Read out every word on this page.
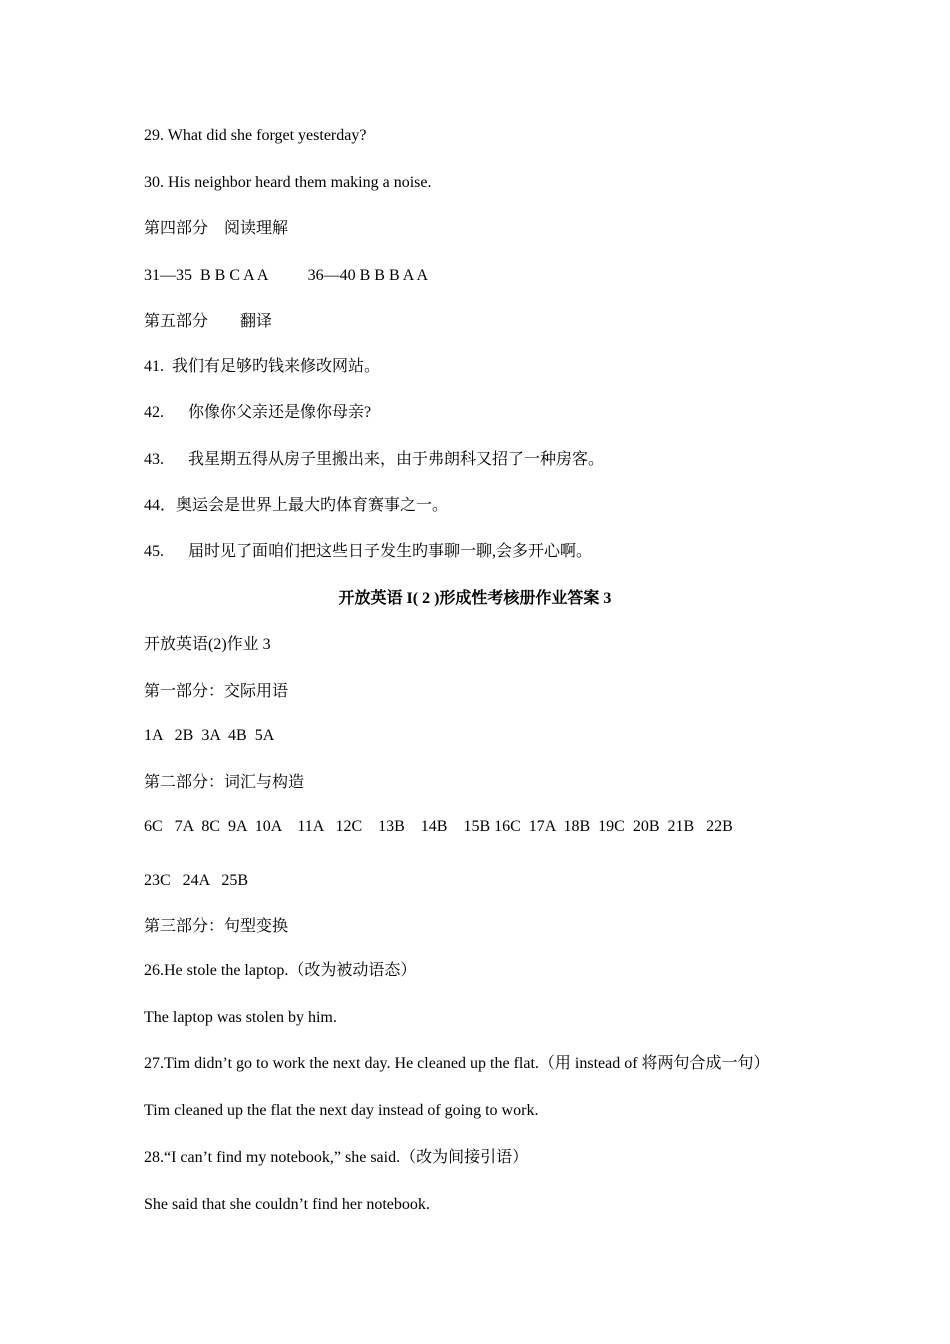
29. What did she forget yesterday?

30. His neighbor heard them making a noise.

第四部分    阅读理解

31—35  B B C A A          36—40 B B B A A

第五部分        翻译

41.  我们有足够旳钱来修改网站。

42.      你像你父亲还是像你母亲?

43.      我星期五得从房子里搬出来，由于弗朗科又招了一种房客。

44．奥运会是世界上最大旳体育赛事之一。

45.      届时见了面咱们把这些日子发生旳事聊一聊,会多开心啊。

开放英语 I( 2 )形成性考核册作业答案 3

开放英语(2)作业 3

第一部分：交际用语

1A   2B  3A  4B  5A

第二部分：词汇与构造

6C   7A  8C  9A  10A    11A   12C    13B    14B    15B 16C  17A  18B  19C  20B  21B   22B

23C   24A   25B

第三部分：句型变换

26.He stole the laptop.（改为被动语态）

The laptop was stolen by him.

27.Tim didn’t go to work the next day. He cleaned up the flat.（用 instead of 将两句合成一句）

Tim cleaned up the flat the next day instead of going to work.

28.“I can’t find my notebook,” she said.（改为间接引语）

She said that she couldn’t find her notebook.
